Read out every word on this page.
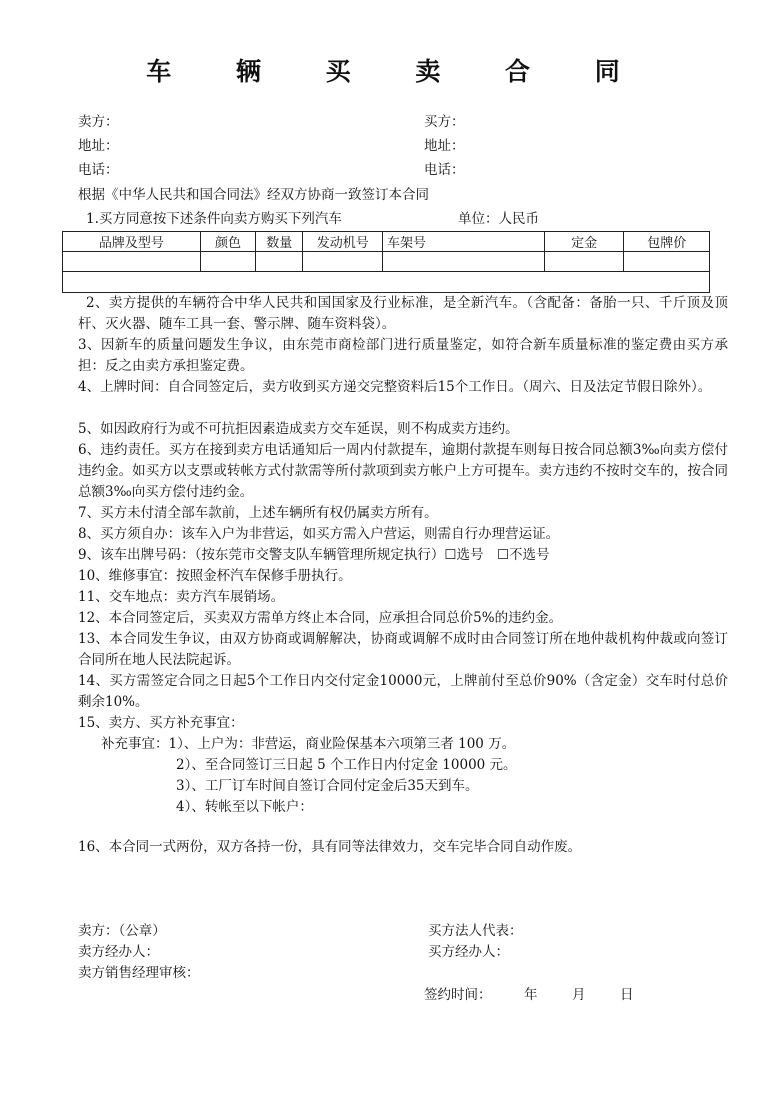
车 辆 买 卖 合 同
卖方：	买方：
地址：	地址：
电话：	电话：
根据《中华人民共和国合同法》经双方协商一致签订本合同
1.买方同意按下述条件向卖方购买下列汽车	单位：人民币
品牌及型号	颜色	数量	发动机号	车架号	定金	包牌价

2、卖方提供的车辆符合中华人民共和国国家及行业标准，是全新汽车。（含配备：备胎一只、千斤顶及顶杆、灭火器、随车工具一套、警示牌、随车资料袋）。
3、因新车的质量问题发生争议，由东莞市商检部门进行质量鉴定，如符合新车质量标准的鉴定费由买方承担：反之由卖方承担鉴定费。
4、上牌时间：自合同签定后，卖方收到买方递交完整资料后15个工作日。（周六、日及法定节假日除外）。
5、如因政府行为或不可抗拒因素造成卖方交车延误，则不构成卖方违约。
6、违约责任。买方在接到卖方电话通知后一周内付款提车，逾期付款提车则每日按合同总额3‰向卖方偿付违约金。如买方以支票或转帐方式付款需等所付款项到卖方帐户上方可提车。卖方违约不按时交车的，按合同总额3‰向买方偿付违约金。
7、买方未付清全部车款前，上述车辆所有权仍属卖方所有。
8、买方须自办：该车入户为非营运，如买方需入户营运，则需自行办理营运证。
9、该车出牌号码：（按东莞市交警支队车辆管理所规定执行）☐选号　☐不选号
10、维修事宜：按照金杯汽车保修手册执行。
11、交车地点：卖方汽车展销场。
12、本合同签定后，买卖双方需单方终止本合同，应承担合同总价5%的违约金。
13、本合同发生争议，由双方协商或调解解决，协商或调解不成时由合同签订所在地仲裁机构仲裁或向签订合同所在地人民法院起诉。
14、买方需签定合同之日起5个工作日内交付定金10000元，上牌前付至总价90%（含定金）交车时付总价剩余10%。
15、卖方、买方补充事宜：
补充事宜：1）、上户为：非营运，商业险保基本六项第三者 100 万。
2）、至合同签订三日起 5 个工作日内付定金 10000 元。
3）、工厂订车时间自签订合同付定金后35天到车。
4）、转帐至以下帐户：
16、本合同一式两份，双方各持一份，具有同等法律效力，交车完毕合同自动作废。
卖方：（公章）	买方法人代表：
卖方经办人：	买方经办人：
卖方销售经理审核：
签约时间： 年	月	日
